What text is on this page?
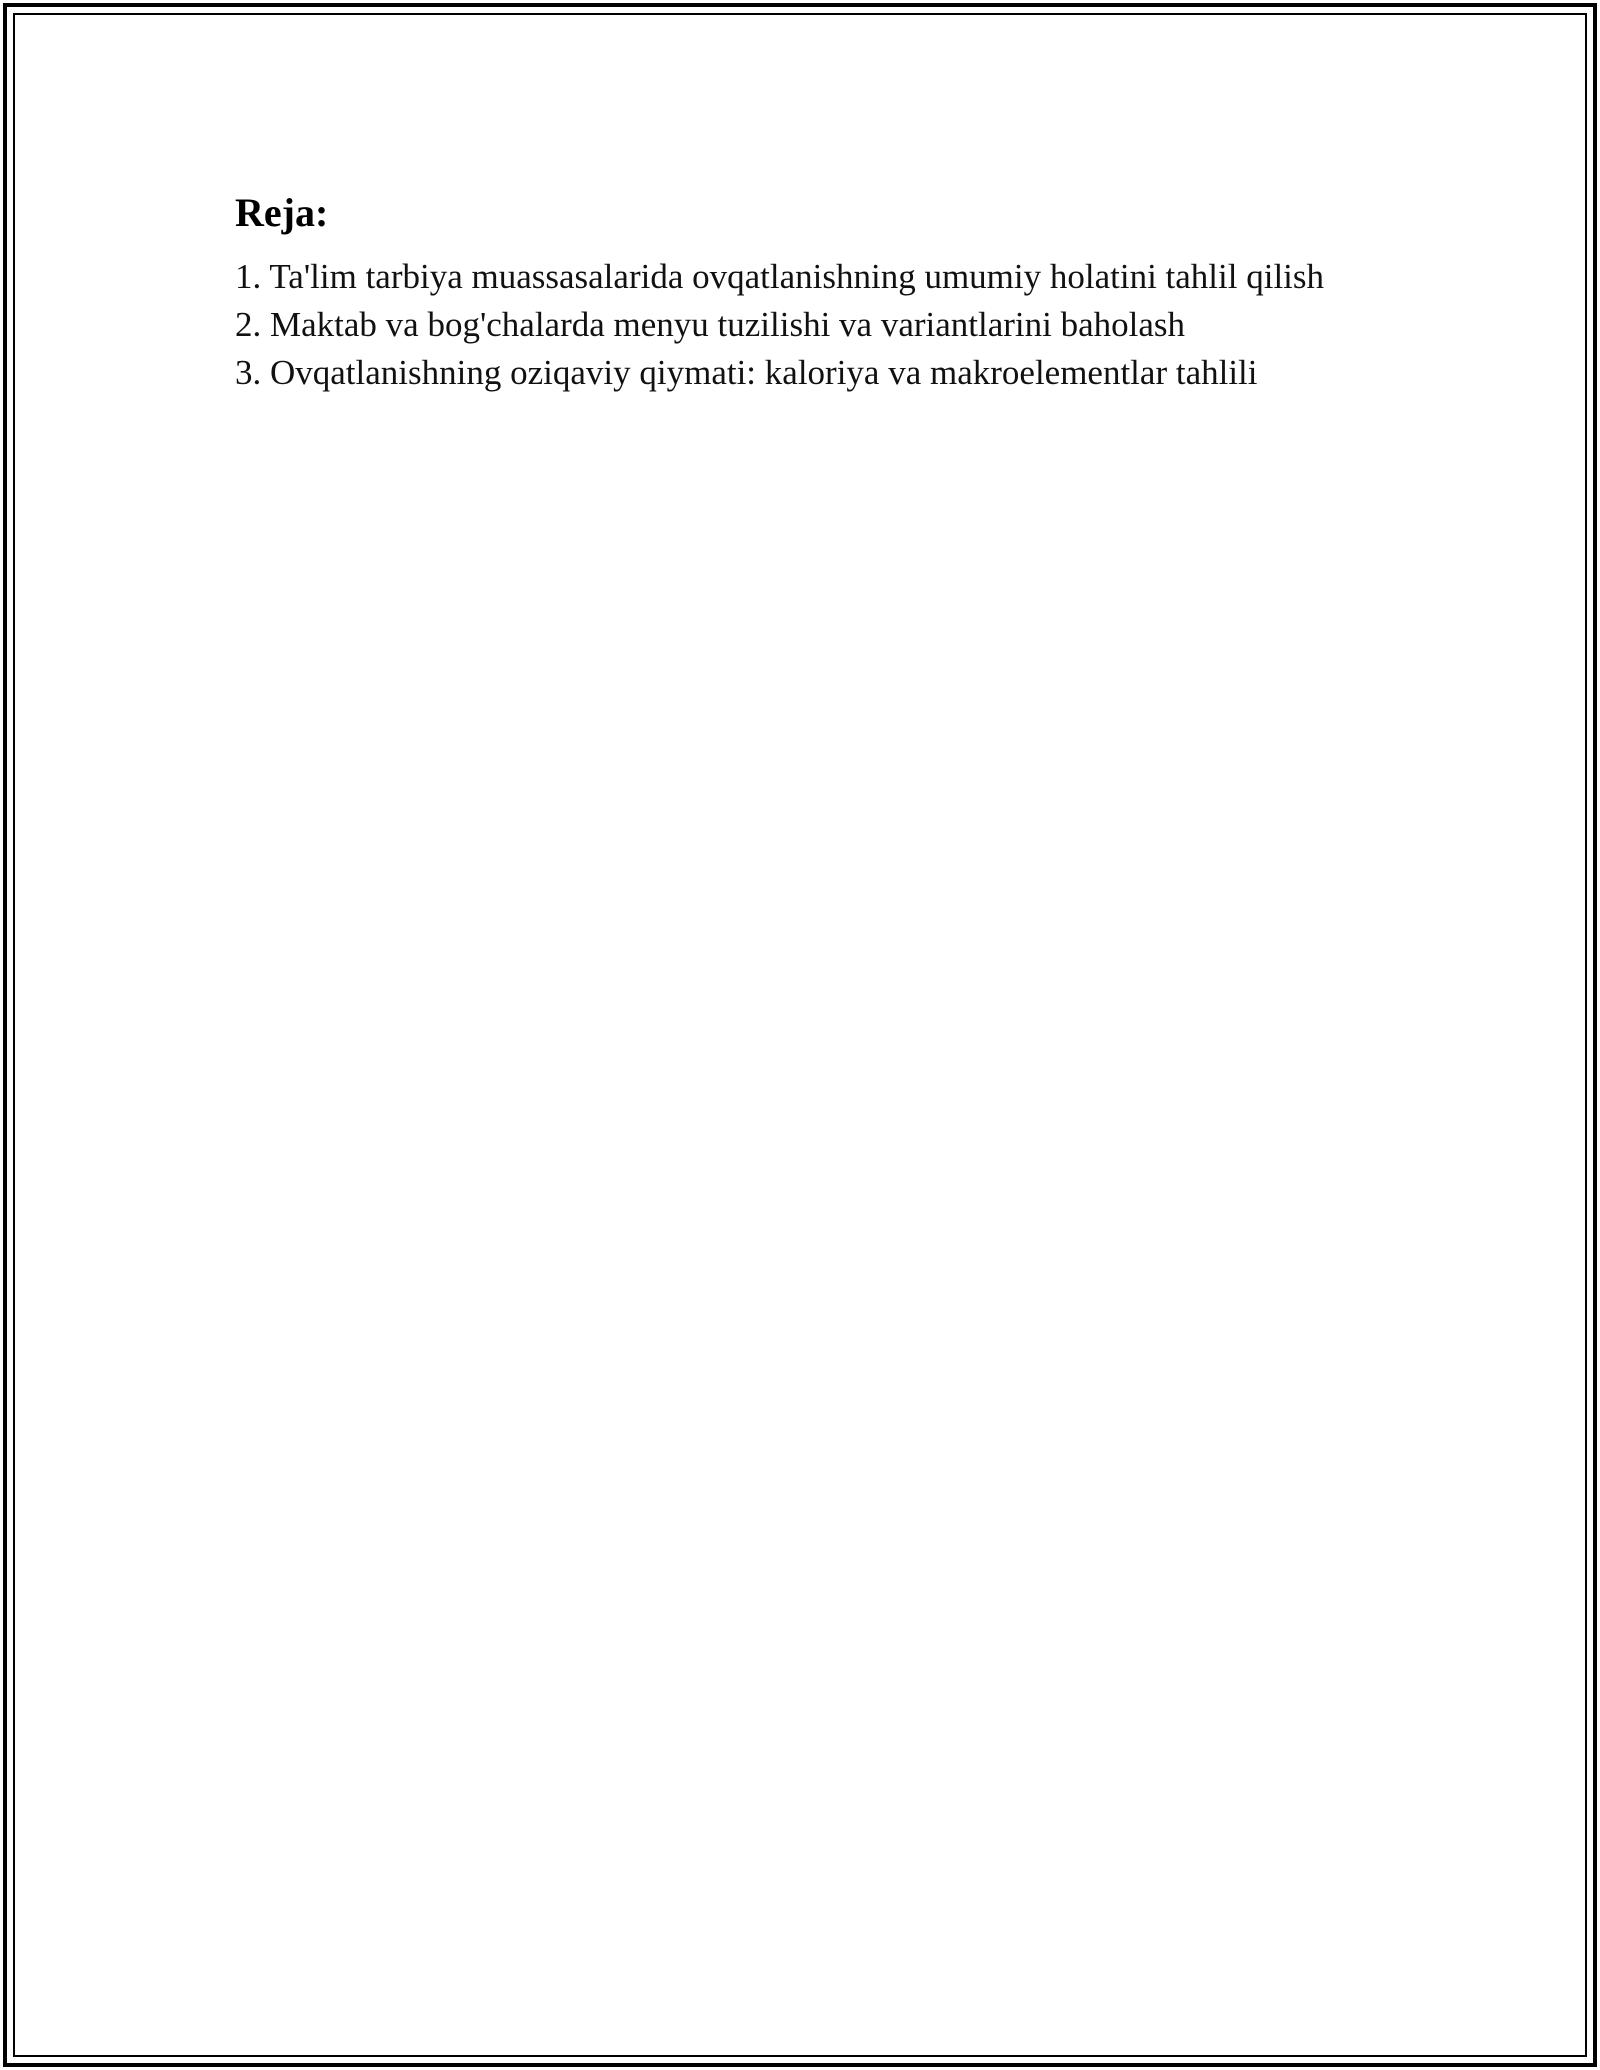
Reja:
1. Ta'lim tarbiya muassasalarida ovqatlanishning umumiy holatini tahlil qilish
2. Maktab va bog'chalarda menyu tuzilishi va variantlarini baholash
3. Ovqatlanishning oziqaviy qiymati: kaloriya va makroelementlar tahlili
